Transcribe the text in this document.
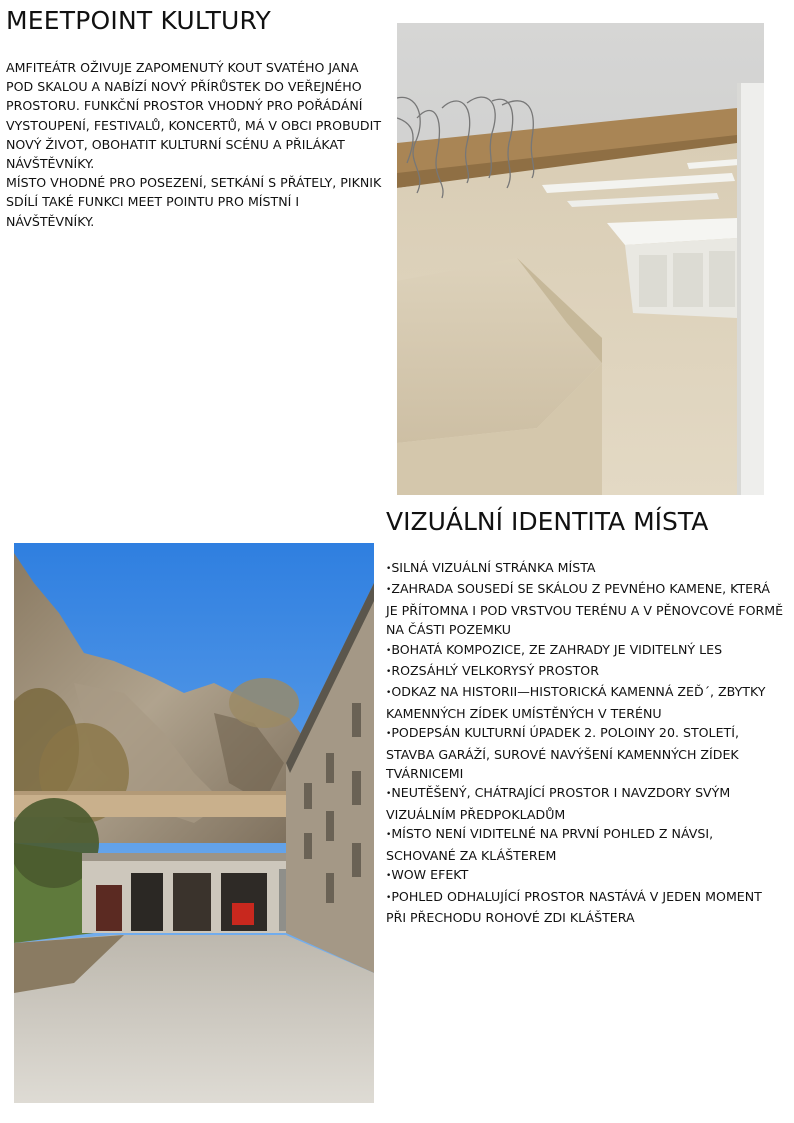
MEETPOINT KULTURY

AMFITEÁTR OŽIVUJE ZAPOMENUTÝ KOUT SVATÉHO JANA POD SKALOU A NABÍZÍ NOVÝ PŘÍRŮSTEK DO VEŘEJNÉHO PROSTORU. FUNKČNÍ PROSTOR VHODNÝ PRO POŘÁDÁNÍ VYSTOUPENÍ, FESTIVALŮ, KONCERTŮ, MÁ V OBCI PROBUDIT NOVÝ ŽIVOT, OBOHATIT KULTURNÍ SCÉNU A PŘILÁKAT NÁVŠTĚVNÍKY.

MÍSTO VHODNÉ PRO POSEZENÍ, SETKÁNÍ S PŘÁTELY, PIKNIK SDÍLÍ TAKÉ FUNKCI MEET POINTU PRO MÍSTNÍ I NÁVŠTĚVNÍKY.

VIZUÁLNÍ IDENTITA MÍSTA
•SILNÁ VIZUÁLNÍ STRÁNKA MÍSTA
•ZAHRADA SOUSEDÍ SE SKÁLOU Z PEVNÉHO KAMENE, KTERÁ JE PŘÍTOMNA I POD VRSTVOU TERÉNU A V PĚNOVCOVÉ FORMĚ NA ČÁSTI POZEMKU
•BOHATÁ KOMPOZICE, ZE ZAHRADY JE VIDITELNÝ LES
•ROZSÁHLÝ VELKORYSÝ PROSTOR
•ODKAZ NA HISTORII—HISTORICKÁ KAMENNÁ ZEĎ´, ZBYTKY KAMENNÝCH ZÍDEK UMÍSTĚNÝCH V TERÉNU
•PODEPSÁN KULTURNÍ ÚPADEK 2. POLOINY 20. STOLETÍ, STAVBA GARÁŽÍ, SUROVÉ NAVÝŠENÍ KAMENNÝCH ZÍDEK TVÁRNICEMI
•NEUTĚŠENÝ, CHÁTRAJÍCÍ PROSTOR I NAVZDORY SVÝM VIZUÁLNÍM PŘEDPOKLADŮM
•MÍSTO NENÍ VIDITELNÉ NA PRVNÍ POHLED Z NÁVSI, SCHOVANÉ ZA KLÁŠTEREM
•WOW EFEKT
•POHLED ODHALUJÍCÍ PROSTOR NASTÁVÁ V JEDEN MOMENT PŘI PŘECHODU ROHOVÉ ZDI KLÁŠTERA
